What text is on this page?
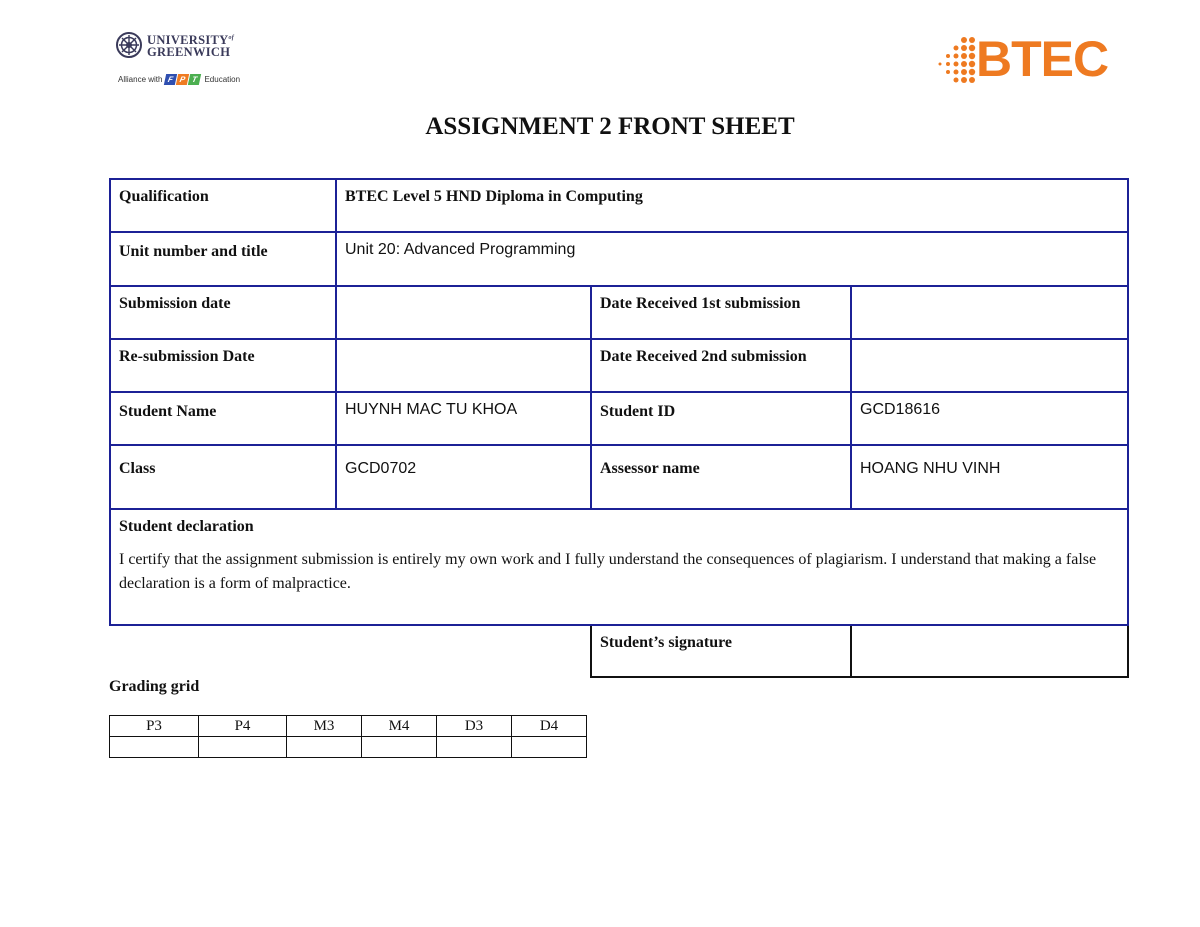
$UNIVERSITY^{of}$
GREENWICH
Alliance with F P T Education	BTEC
ASSIGNMENT 2 FRONT SHEET
Qualification	BTEC Level 5 HND Diploma in Computing		
Unit number and title	Unit 20: Advanced Programming		
Submission date		Date Received 1st submission	
Re-submission Date		Date Received 2nd submission	
Student Name	HUYNH MAC TU KHOA	Student ID	GCD18616
Class	GCD0702	Assessor name	HOANG NHU VINH

Student declaration
I certify that the assignment submission is entirely my own work and I fully understand the consequences of plagiarism. I understand that making a false declaration is a form of malpractice.			

		Student’s signature	
Grading grid
P3	P4	M3	M4	D3	D4
